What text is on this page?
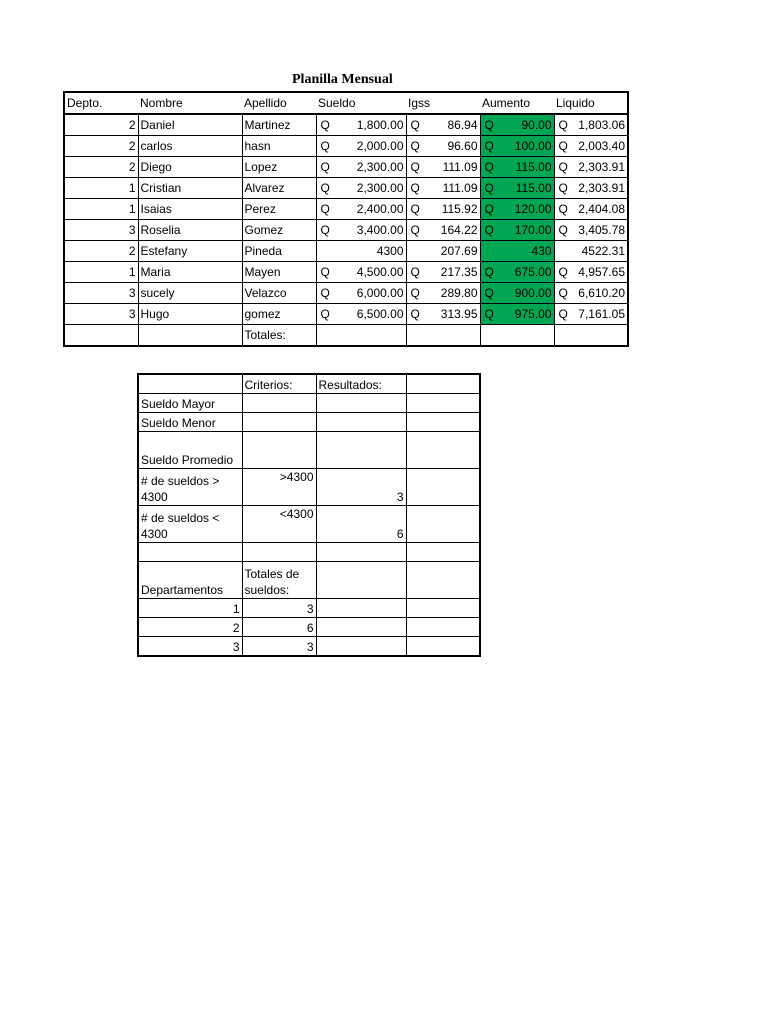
Planilla Mensual
Depto.	Nombre	Apellido	Sueldo	Igss	Aumento	Liquido
2	Daniel	Martinez	Q 1,800.00	Q 86.94	Q 90.00	Q 1,803.06

2	carlos	hasn	Q 2,000.00	Q 96.60	Q 100.00	Q 2,003.40

2	Diego	Lopez	Q 2,300.00	Q 111.09	Q 115.00	Q 2,303.91

1	Cristian	Alvarez	Q 2,300.00	Q 111.09	Q 115.00	Q 2,303.91

1	Isaias	Perez	Q 2,400.00	Q 115.92	Q 120.00	Q 2,404.08

3	Roselia	Gomez	Q 3,400.00	Q 164.22	Q 170.00	Q 3,405.78

2	Estefany	Pineda	4300	207.69	430	4522.31
1	Maria	Mayen	Q 4,500.00	Q 217.35	Q 675.00	Q 4,957.65

3	sucely	Velazco	Q 6,000.00	Q 289.80	Q 900.00	Q 6,610.20

3	Hugo	gomez	Q 6,500.00	Q 313.95	Q 975.00	Q 7,161.05

		Totales:				
	Criterios:	Resultados:	
Sueldo Mayor			
Sueldo Menor			
Sueldo Promedio			
# de sueldos > 4300	>4300	3	
# de sueldos < 4300	<4300	6	

Departamentos	Totales de sueldos:		
1	3		
2	6		
3	3		
